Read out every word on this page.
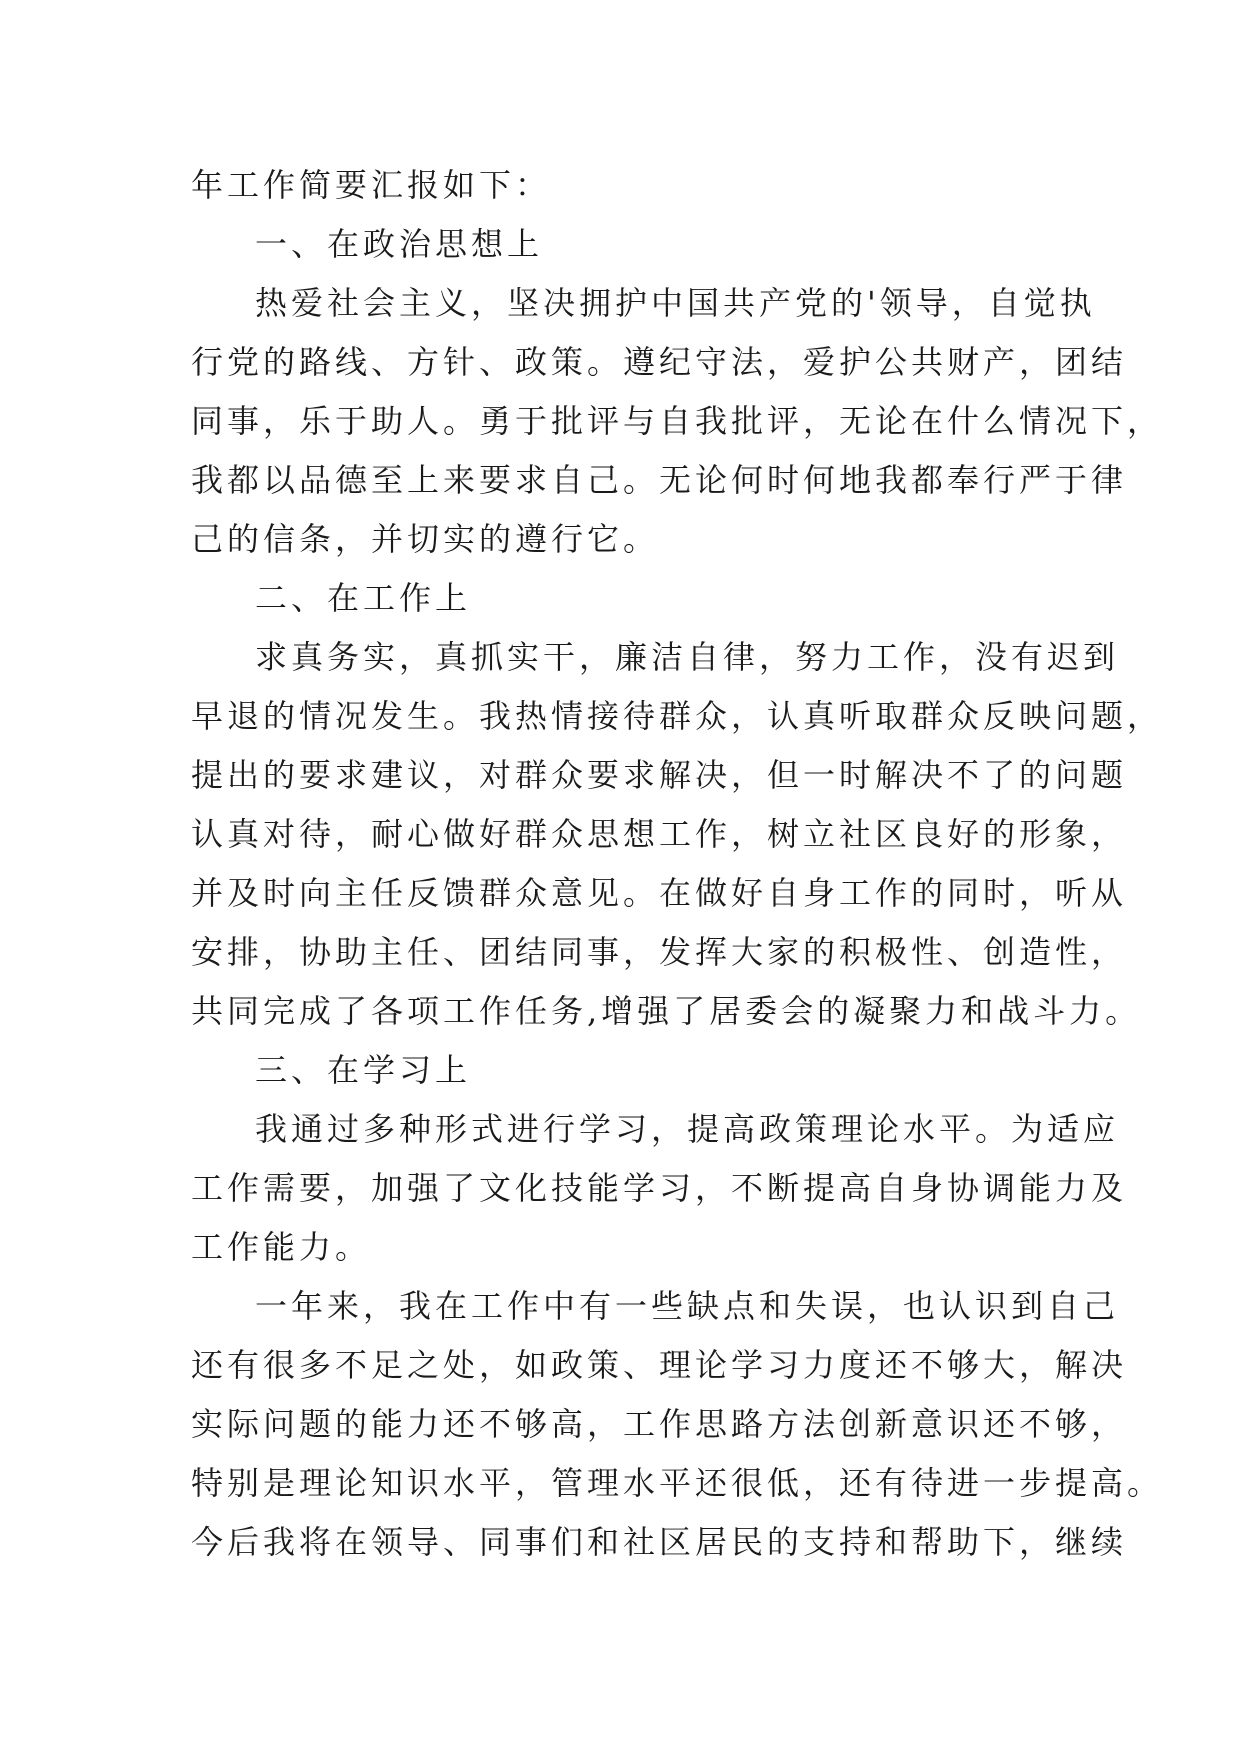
年工作简要汇报如下：
一、在政治思想上
热爱社会主义，坚决拥护中国共产党的'领导，自觉执
行党的路线、方针、政策。遵纪守法，爱护公共财产，团结
同事，乐于助人。勇于批评与自我批评，无论在什么情况下，
我都以品德至上来要求自己。无论何时何地我都奉行严于律
己的信条，并切实的遵行它。
二、在工作上
求真务实，真抓实干，廉洁自律，努力工作，没有迟到
早退的情况发生。我热情接待群众，认真听取群众反映问题，
提出的要求建议，对群众要求解决，但一时解决不了的问题
认真对待，耐心做好群众思想工作，树立社区良好的形象，
并及时向主任反馈群众意见。在做好自身工作的同时，听从
安排，协助主任、团结同事，发挥大家的积极性、创造性，
共同完成了各项工作任务,增强了居委会的凝聚力和战斗力。
三、在学习上
我通过多种形式进行学习，提高政策理论水平。为适应
工作需要，加强了文化技能学习，不断提高自身协调能力及
工作能力。
一年来，我在工作中有一些缺点和失误，也认识到自己
还有很多不足之处，如政策、理论学习力度还不够大，解决
实际问题的能力还不够高，工作思路方法创新意识还不够，
特别是理论知识水平，管理水平还很低，还有待进一步提高。
今后我将在领导、同事们和社区居民的支持和帮助下，继续
